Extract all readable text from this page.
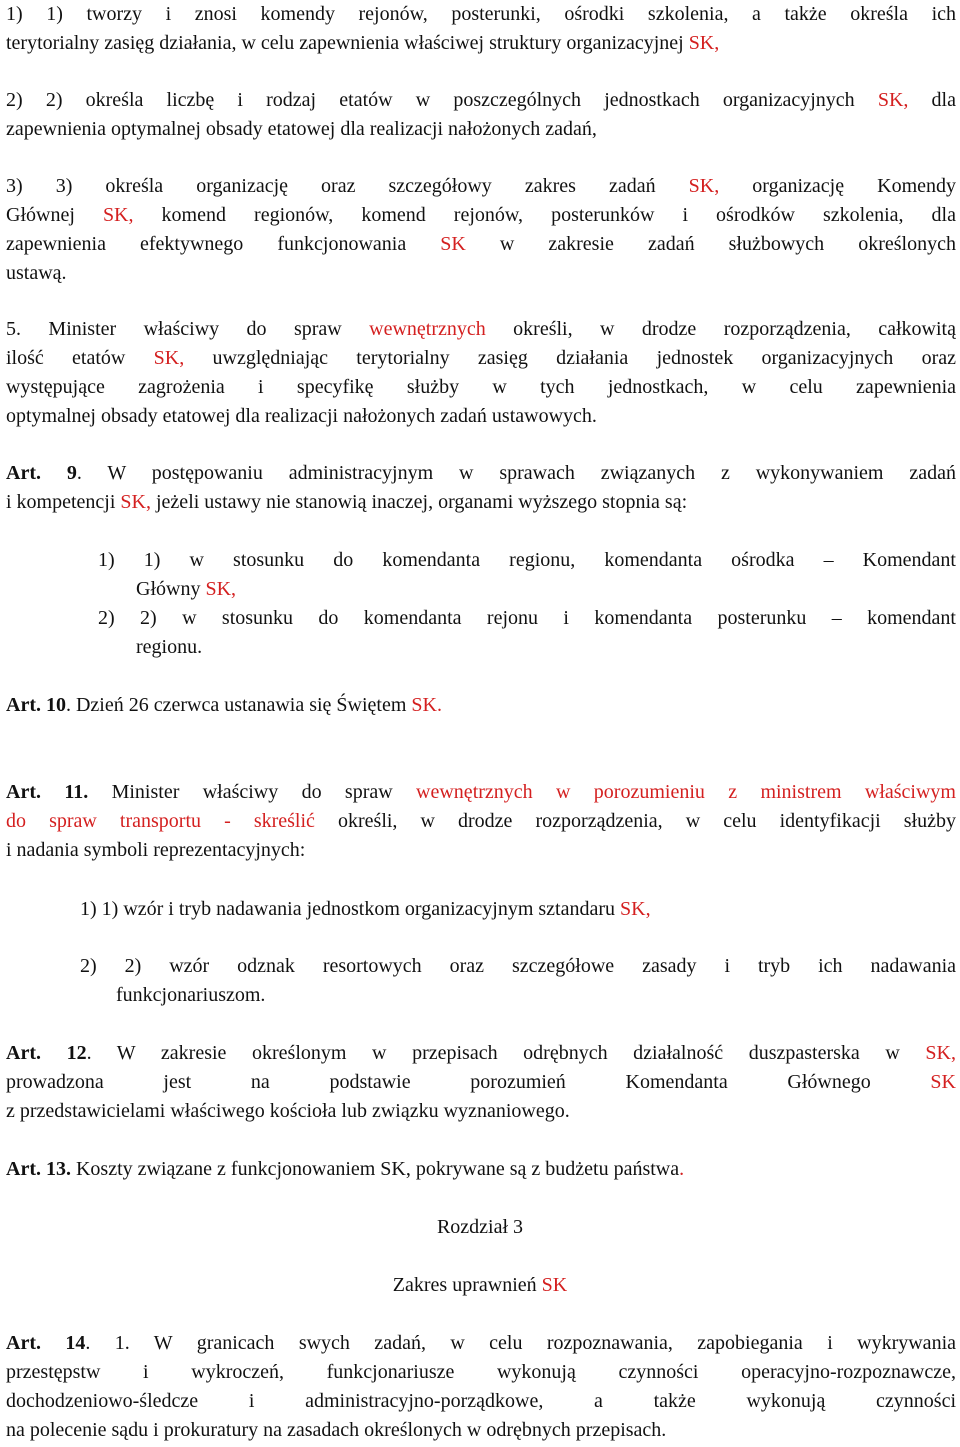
1) 1) tworzy i znosi komendy rejonów, posterunki, ośrodki szkolenia, a także określa ich
terytorialny zasięg działania, w celu zapewnienia właściwej struktury organizacyjnej SK,
2) 2) określa liczbę i rodzaj etatów w poszczególnych jednostkach organizacyjnych SK, dla
zapewnienia optymalnej obsady etatowej dla realizacji nałożonych zadań,
3) 3) określa organizację oraz szczegółowy zakres zadań SK, organizację Komendy
Głównej SK, komend regionów, komend rejonów, posterunków i ośrodków szkolenia, dla
zapewnienia efektywnego funkcjonowania SK w zakresie zadań służbowych określonych
ustawą.
5. Minister właściwy do spraw wewnętrznych określi, w drodze rozporządzenia, całkowitą
ilość etatów SK, uwzględniając terytorialny zasięg działania jednostek organizacyjnych oraz
występujące zagrożenia i specyfikę służby w tych jednostkach, w celu zapewnienia
optymalnej obsady etatowej dla realizacji nałożonych zadań ustawowych.
Art. 9. W postępowaniu administracyjnym w sprawach związanych z wykonywaniem zadań
i kompetencji SK, jeżeli ustawy nie stanowią inaczej, organami wyższego stopnia są:
1) 1) w stosunku do komendanta regionu, komendanta ośrodka – Komendant
Główny SK,
2) 2) w stosunku do komendanta rejonu i komendanta posterunku – komendant
regionu.
Art. 10. Dzień 26 czerwca ustanawia się Świętem SK.
Art. 11. Minister właściwy do spraw wewnętrznych w porozumieniu z ministrem właściwym
do spraw transportu - skreślić określi, w drodze rozporządzenia, w celu identyfikacji służby
i nadania symboli reprezentacyjnych:
1) 1) wzór i tryb nadawania jednostkom organizacyjnym sztandaru SK,
2) 2) wzór odznak resortowych oraz szczegółowe zasady i tryb ich nadawania
funkcjonariuszom.
Art. 12. W zakresie określonym w przepisach odrębnych działalność duszpasterska w SK,
prowadzona jest na podstawie porozumień Komendanta Głównego SK
z przedstawicielami właściwego kościoła lub związku wyznaniowego.
Art. 13. Koszty związane z funkcjonowaniem SK, pokrywane są z budżetu państwa.
Rozdział 3
Zakres uprawnień SK
Art. 14. 1. W granicach swych zadań, w celu rozpoznawania, zapobiegania i wykrywania
przestępstw i wykroczeń, funkcjonariusze wykonują czynności operacyjno-rozpoznawcze,
dochodzeniowo-śledcze i administracyjno-porządkowe, a także wykonują czynności
na polecenie sądu i prokuratury na zasadach określonych w odrębnych przepisach.
